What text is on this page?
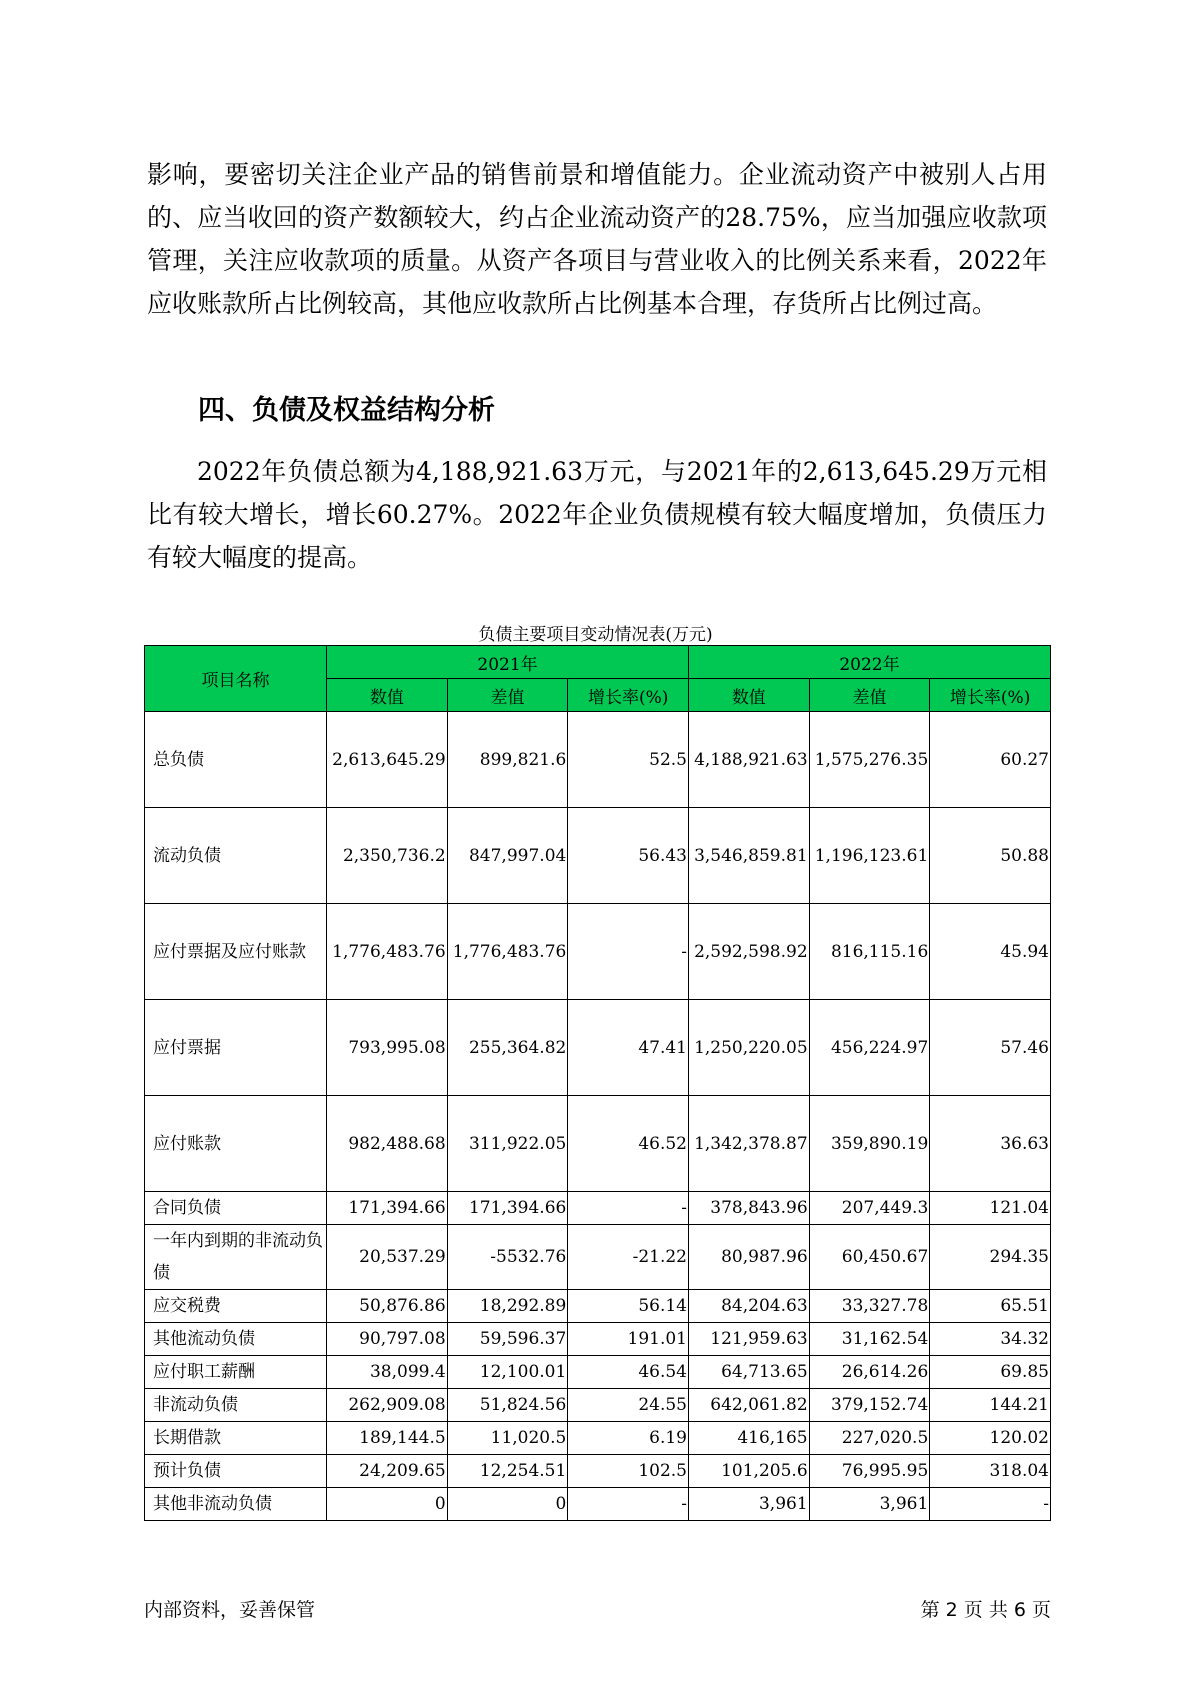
影响，要密切关注企业产品的销售前景和增值能力。企业流动资产中被别人占用的、应当收回的资产数额较大，约占企业流动资产的28.75%，应当加强应收款项管理，关注应收款项的质量。从资产各项目与营业收入的比例关系来看，2022年应收账款所占比例较高，其他应收款所占比例基本合理，存货所占比例过高。

四、负债及权益结构分析

2022年负债总额为4,188,921.63万元，与2021年的2,613,645.29万元相比有较大增长，增长60.27%。2022年企业负债规模有较大幅度增加，负债压力有较大幅度的提高。

负债主要项目变动情况表(万元)
项目名称	2021年			2022年		
	数值	差值	增长率(%)	数值	差值	增长率(%)
总负债	2,613,645.29	899,821.6	52.5	4,188,921.63	1,575,276.35	60.27
流动负债	2,350,736.2	847,997.04	56.43	3,546,859.81	1,196,123.61	50.88
应付票据及应付账款	1,776,483.76	1,776,483.76	-	2,592,598.92	816,115.16	45.94
应付票据	793,995.08	255,364.82	47.41	1,250,220.05	456,224.97	57.46
应付账款	982,488.68	311,922.05	46.52	1,342,378.87	359,890.19	36.63
合同负债	171,394.66	171,394.66	-	378,843.96	207,449.3	121.04
一年内到期的非流动负债	20,537.29	-5532.76	-21.22	80,987.96	60,450.67	294.35
应交税费	50,876.86	18,292.89	56.14	84,204.63	33,327.78	65.51
其他流动负债	90,797.08	59,596.37	191.01	121,959.63	31,162.54	34.32
应付职工薪酬	38,099.4	12,100.01	46.54	64,713.65	26,614.26	69.85
非流动负债	262,909.08	51,824.56	24.55	642,061.82	379,152.74	144.21
长期借款	189,144.5	11,020.5	6.19	416,165	227,020.5	120.02
预计负债	24,209.65	12,254.51	102.5	101,205.6	76,995.95	318.04
其他非流动负债	0	0	-	3,961	3,961	-
内部资料，妥善保管	第 2 页 共 6 页
